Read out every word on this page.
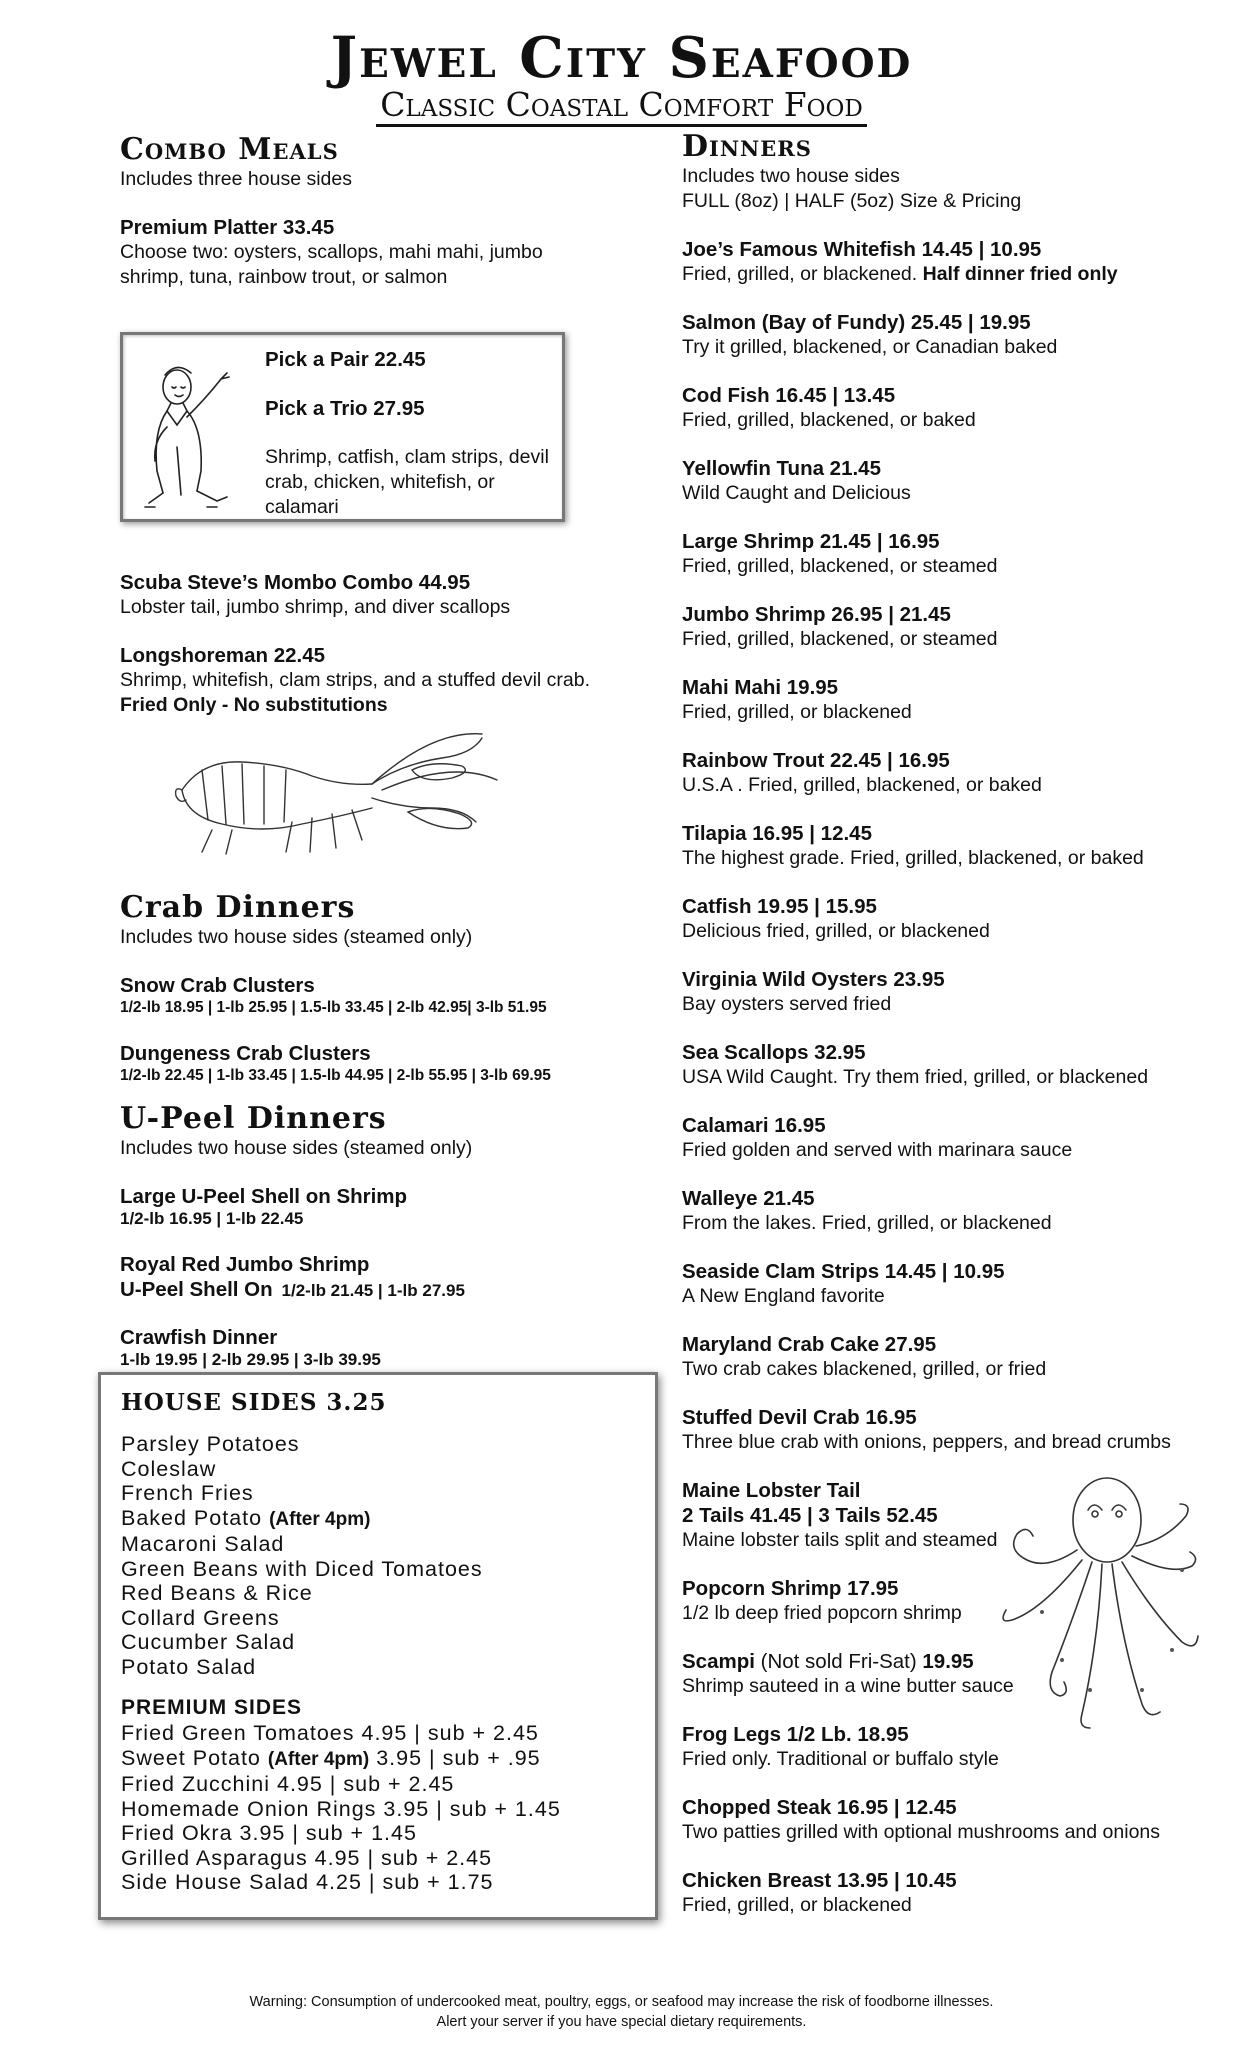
Jewel City Seafood
Classic Coastal Comfort Food
Combo Meals
Includes three house sides
Premium Platter 33.45
Choose two: oysters, scallops, mahi mahi, jumbo shrimp, tuna, rainbow trout, or salmon
Pick a Pair 22.45
Pick a Trio 27.95
Shrimp, catfish, clam strips, devil crab, chicken, whitefish, or calamari
Scuba Steve’s Mombo Combo 44.95
Lobster tail, jumbo shrimp, and diver scallops
Longshoreman 22.45
Shrimp, whitefish, clam strips, and a stuffed devil crab.  Fried Only - No substitutions
Crab Dinners
Includes two house sides (steamed only)
Snow Crab Clusters
1/2-lb 18.95 | 1-lb 25.95 | 1.5-lb 33.45 | 2-lb 42.95| 3-lb 51.95
Dungeness Crab Clusters
1/2-lb 22.45 | 1-lb 33.45 | 1.5-lb 44.95 | 2-lb 55.95 | 3-lb 69.95
U-Peel Dinners
Includes two house sides (steamed only)
Large U-Peel Shell on Shrimp
1/2-lb 16.95 | 1-lb 22.45
Royal Red Jumbo Shrimp
U-Peel Shell On 1/2-lb 21.45 | 1-lb 27.95
Crawfish Dinner
1-lb 19.95 | 2-lb 29.95 | 3-lb 39.95
HOUSE SIDES 3.25
Parsley Potatoes
Coleslaw
French Fries
Baked Potato (After 4pm)
Macaroni Salad
Green Beans with Diced Tomatoes
Red Beans & Rice
Collard Greens
Cucumber Salad
Potato Salad
PREMIUM SIDES
Fried Green Tomatoes 4.95 | sub + 2.45
Sweet Potato (After 4pm) 3.95 | sub + .95
Fried Zucchini 4.95 | sub + 2.45
Homemade Onion Rings 3.95 | sub + 1.45
Fried Okra 3.95 | sub + 1.45
Grilled Asparagus 4.95 | sub + 2.45
Side House Salad 4.25 | sub + 1.75
Dinners
Includes two house sides
FULL (8oz) | HALF (5oz) Size & Pricing
Joe’s Famous Whitefish 14.45 | 10.95
Fried, grilled, or blackened. Half dinner fried only
Salmon (Bay of Fundy) 25.45 | 19.95
Try it grilled, blackened, or Canadian baked
Cod Fish 16.45 | 13.45
Fried, grilled, blackened, or baked
Yellowfin Tuna 21.45
Wild Caught and Delicious
Large Shrimp 21.45 | 16.95
Fried, grilled, blackened, or steamed
Jumbo Shrimp 26.95 | 21.45
Fried, grilled, blackened, or steamed
Mahi Mahi 19.95
Fried, grilled, or blackened
Rainbow Trout 22.45 | 16.95
U.S.A . Fried, grilled, blackened, or baked
Tilapia 16.95 | 12.45
The highest grade. Fried, grilled, blackened, or baked
Catfish 19.95 | 15.95
Delicious fried, grilled, or blackened
Virginia Wild Oysters 23.95
Bay oysters served fried
Sea Scallops 32.95
USA Wild Caught. Try them fried, grilled, or blackened
Calamari 16.95
Fried golden and served with marinara sauce
Walleye 21.45
From the lakes. Fried, grilled, or blackened
Seaside Clam Strips 14.45 | 10.95
A New England favorite
Maryland Crab Cake 27.95
Two crab cakes blackened, grilled, or fried
Stuffed Devil Crab 16.95
Three blue crab with onions, peppers, and bread crumbs
Maine Lobster Tail
2 Tails 41.45 | 3 Tails 52.45
Maine lobster tails split and steamed
Popcorn Shrimp 17.95
1/2 lb deep fried popcorn shrimp
Scampi (Not sold Fri-Sat) 19.95
Shrimp sauteed in a wine butter sauce
Frog Legs 1/2 Lb. 18.95
Fried only. Traditional or buffalo style
Chopped Steak 16.95 | 12.45
Two patties grilled with optional mushrooms and onions
Chicken Breast 13.95 | 10.45
Fried, grilled, or blackened
Warning: Consumption of undercooked meat, poultry, eggs, or seafood may increase the risk of foodborne illnesses.
Alert your server if you have special dietary requirements.
